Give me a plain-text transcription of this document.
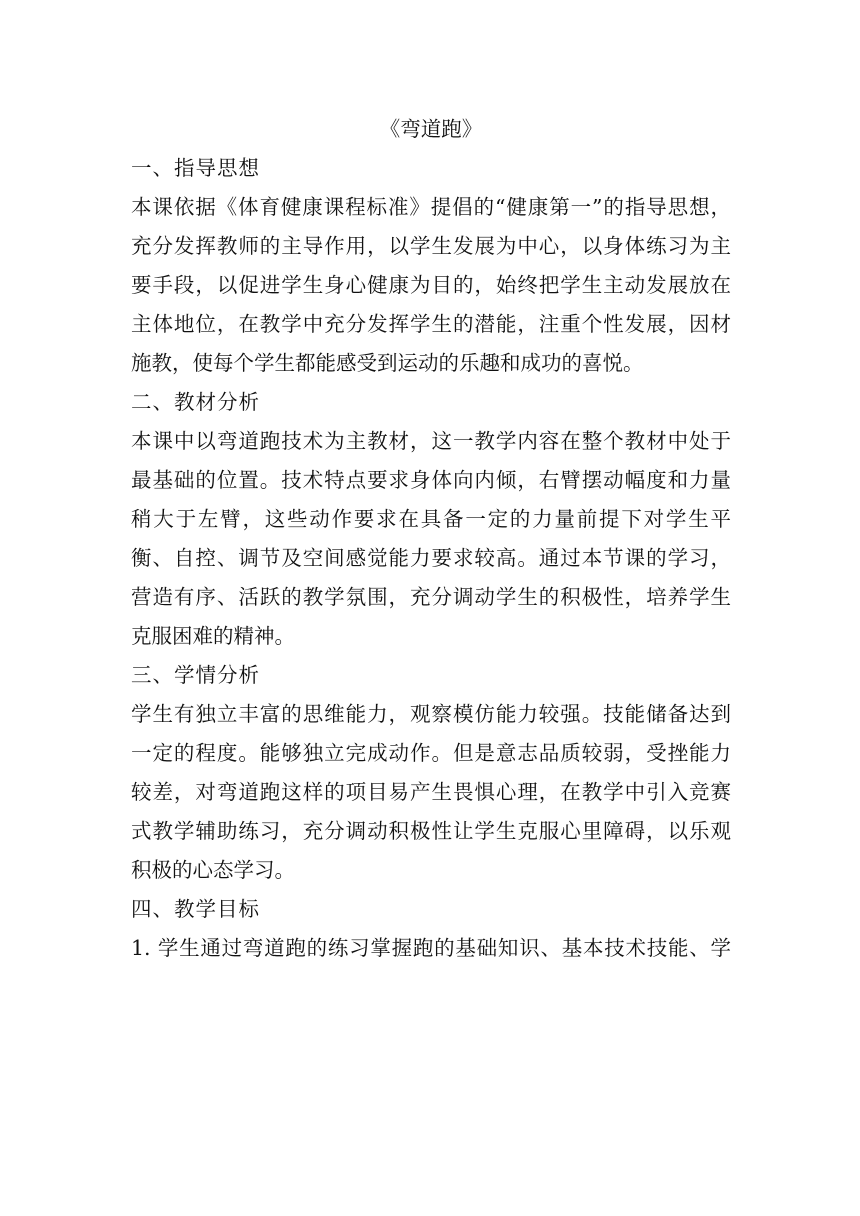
《弯道跑》
一、指导思想
本课依据《体育健康课程标准》提倡的“健康第一”的指导思想，
充分发挥教师的主导作用，以学生发展为中心，以身体练习为主
要手段，以促进学生身心健康为目的，始终把学生主动发展放在
主体地位，在教学中充分发挥学生的潜能，注重个性发展，因材
施教，使每个学生都能感受到运动的乐趣和成功的喜悦。
二、教材分析
本课中以弯道跑技术为主教材，这一教学内容在整个教材中处于
最基础的位置。技术特点要求身体向内倾，右臂摆动幅度和力量
稍大于左臂，这些动作要求在具备一定的力量前提下对学生平
衡、自控、调节及空间感觉能力要求较高。通过本节课的学习，
营造有序、活跃的教学氛围，充分调动学生的积极性，培养学生
克服困难的精神。
三、学情分析
学生有独立丰富的思维能力，观察模仿能力较强。技能储备达到
一定的程度。能够独立完成动作。但是意志品质较弱，受挫能力
较差，对弯道跑这样的项目易产生畏惧心理，在教学中引入竞赛
式教学辅助练习，充分调动积极性让学生克服心里障碍，以乐观
积极的心态学习。
四、教学目标
1. 学生通过弯道跑的练习掌握跑的基础知识、基本技术技能、学
